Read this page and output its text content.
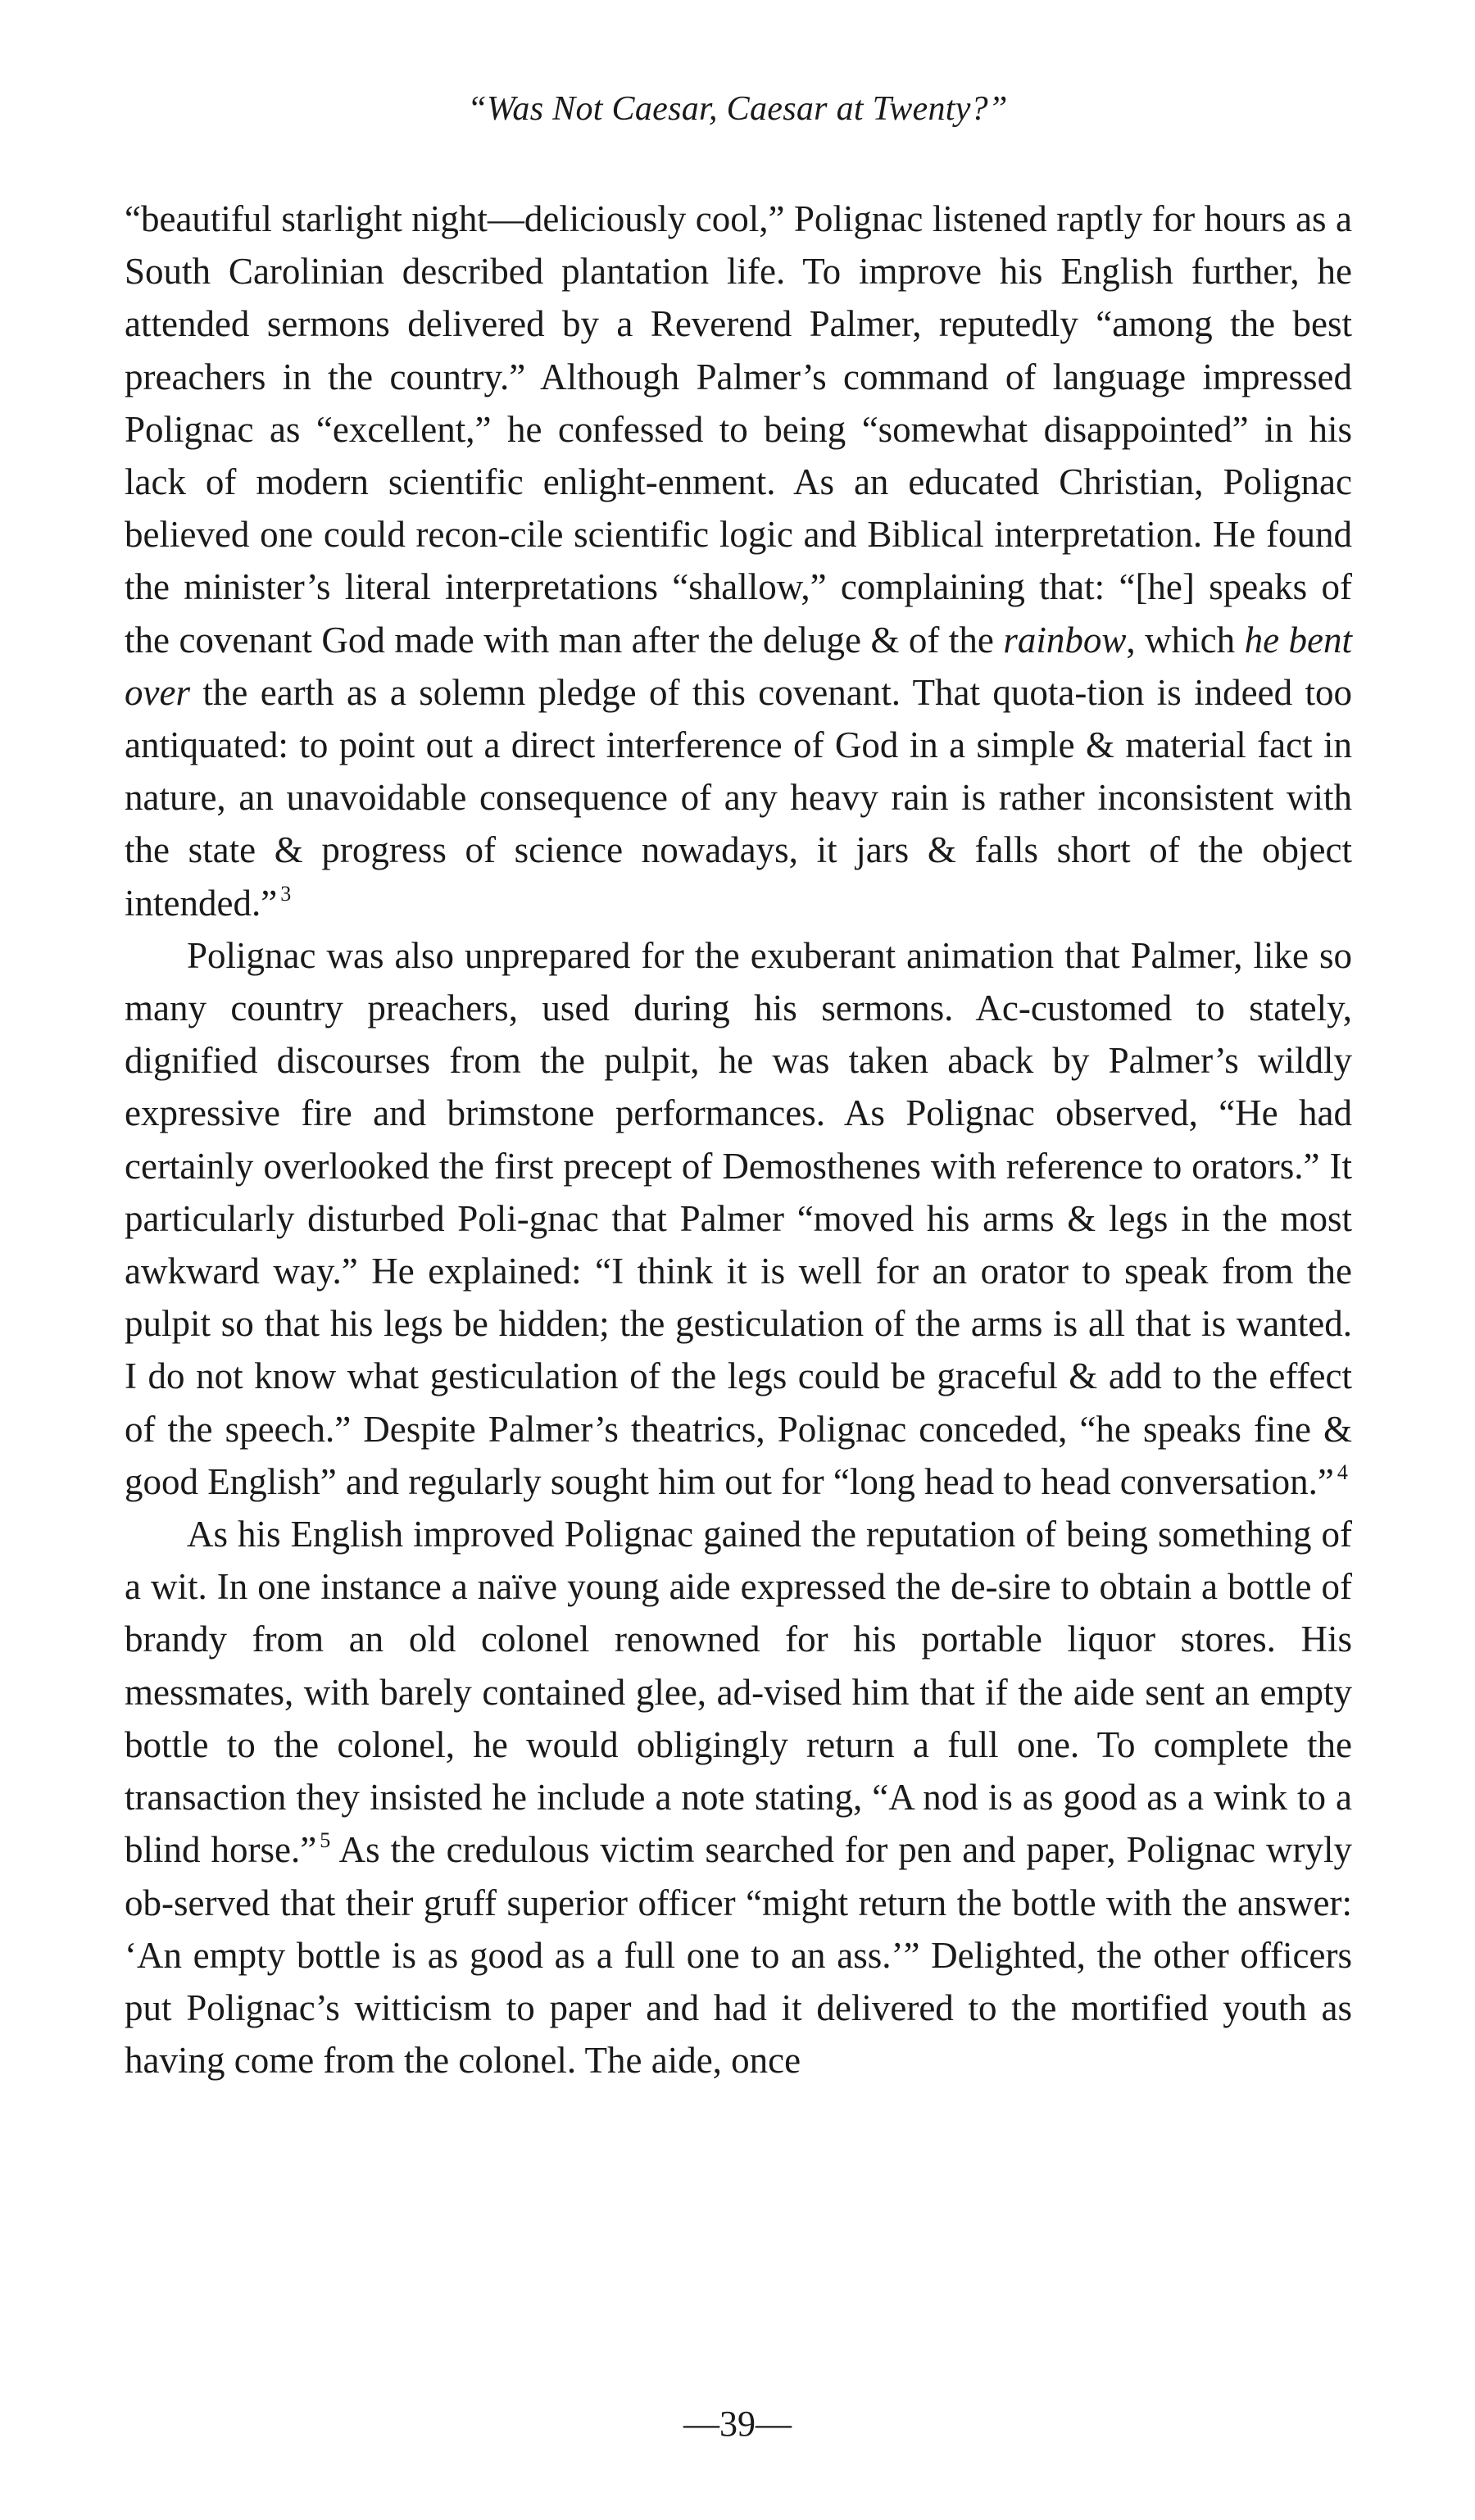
“Was Not Caesar, Caesar at Twenty?”

“beautiful starlight night—deliciously cool,” Polignac listened raptly for hours as a South Carolinian described plantation life. To improve his English further, he attended sermons delivered by a Reverend Palmer, reputedly “among the best preachers in the country.” Although Palmer’s command of language impressed Polignac as “excellent,” he confessed to being “somewhat disappointed” in his lack of modern scientific enlight-enment. As an educated Christian, Polignac believed one could recon-cile scientific logic and Biblical interpretation. He found the minister’s literal interpretations “shallow,” complaining that: “[he] speaks of the covenant God made with man after the deluge & of the rainbow, which he bent over the earth as a solemn pledge of this covenant. That quota-tion is indeed too antiquated: to point out a direct interference of God in a simple & material fact in nature, an unavoidable consequence of any heavy rain is rather inconsistent with the state & progress of science nowadays, it jars & falls short of the object intended.” $^3$

Polignac was also unprepared for the exuberant animation that Palmer, like so many country preachers, used during his sermons. Ac-customed to stately, dignified discourses from the pulpit, he was taken aback by Palmer’s wildly expressive fire and brimstone performances. As Polignac observed, “He had certainly overlooked the first precept of Demosthenes with reference to orators.” It particularly disturbed Poli-gnac that Palmer “moved his arms & legs in the most awkward way.” He explained: “I think it is well for an orator to speak from the pulpit so that his legs be hidden; the gesticulation of the arms is all that is wanted. I do not know what gesticulation of the legs could be graceful & add to the effect of the speech.” Despite Palmer’s theatrics, Polignac conceded, “he speaks fine & good English” and regularly sought him out for “long head to head conversation.” $^4$

As his English improved Polignac gained the reputation of being something of a wit. In one instance a naïve young aide expressed the de-sire to obtain a bottle of brandy from an old colonel renowned for his portable liquor stores. His messmates, with barely contained glee, ad-vised him that if the aide sent an empty bottle to the colonel, he would obligingly return a full one. To complete the transaction they insisted he include a note stating, “A nod is as good as a wink to a blind horse.” $^5$ As the credulous victim searched for pen and paper, Polignac wryly ob-served that their gruff superior officer “might return the bottle with the answer: ‘An empty bottle is as good as a full one to an ass.’” Delighted, the other officers put Polignac’s witticism to paper and had it delivered to the mortified youth as having come from the colonel. The aide, once

—39—
